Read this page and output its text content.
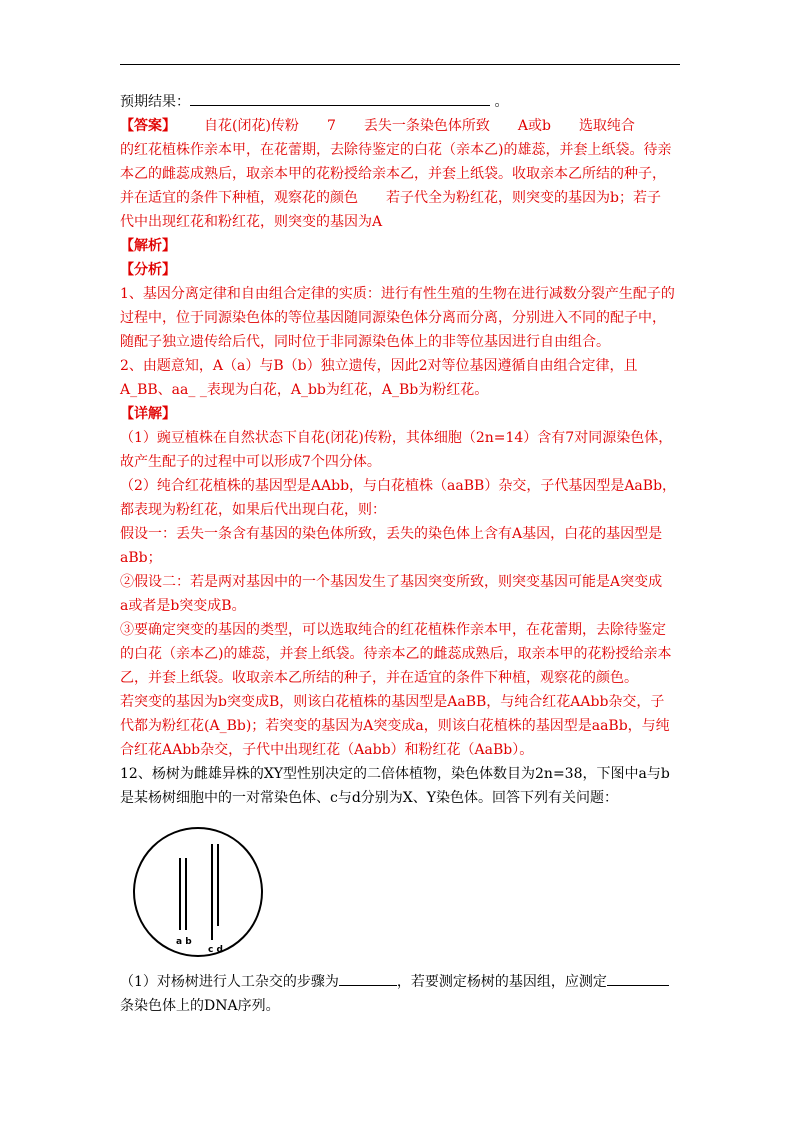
预期结果：	。

【答案】 自花(闭花)传粉 7 丢失一条染色体所致 A或b 选取纯合

的红花植株作亲本甲，在花蕾期，去除待鉴定的白花（亲本乙)的雄蕊，并套上纸袋。待亲

本乙的雌蕊成熟后，取亲本甲的花粉授给亲本乙，并套上纸袋。收取亲本乙所结的种子，

并在适宜的条件下种植，观察花的颜色 若子代全为粉红花，则突变的基因为b；若子

代中出现红花和粉红花，则突变的基因为A

【解析】

【分析】

1、基因分离定律和自由组合定律的实质：进行有性生殖的生物在进行减数分裂产生配子的

过程中，位于同源染色体的等位基因随同源染色体分离而分离，分别进入不同的配子中，

随配子独立遗传给后代，同时位于非同源染色体上的非等位基因进行自由组合。

2、由题意知，A（a）与B（b）独立遗传，因此2对等位基因遵循自由组合定律，且

A_BB、aa_ _表现为白花，A_bb为红花，A_Bb为粉红花。

【详解】

（1）豌豆植株在自然状态下自花(闭花)传粉，其体细胞（2n=14）含有7对同源染色体，

故产生配子的过程中可以形成7个四分体。

（2）纯合红花植株的基因型是AAbb，与白花植株（aaBB）杂交，子代基因型是AaBb，

都表现为粉红花，如果后代出现白花，则：

假设一：丢失一条含有基因的染色体所致，丢失的染色体上含有A基因，白花的基因型是

aBb；

②假设二：若是两对基因中的一个基因发生了基因突变所致，则突变基因可能是A突变成

a或者是b突变成B。

③要确定突变的基因的类型，可以选取纯合的红花植株作亲本甲，在花蕾期，去除待鉴定

的白花（亲本乙)的雄蕊，并套上纸袋。待亲本乙的雌蕊成熟后，取亲本甲的花粉授给亲本

乙，并套上纸袋。收取亲本乙所结的种子，并在适宜的条件下种植，观察花的颜色。

若突变的基因为b突变成B，则该白花植株的基因型是AaBB，与纯合红花AAbb杂交，子

代都为粉红花(A_Bb)；若突变的基因为A突变成a，则该白花植株的基因型是aaBb，与纯

合红花AAbb杂交，子代中出现红花（Aabb）和粉红花（AaBb）。

12、杨树为雌雄异株的XY型性别决定的二倍体植物，染色体数目为2n=38，下图中a与b

是某杨树细胞中的一对常染色体、c与d分别为X、Y染色体。回答下列有关问题：

a b
c d

（1）对杨树进行人工杂交的步骤为	，若要测定杨树的基因组，应测定

条染色体上的DNA序列。
